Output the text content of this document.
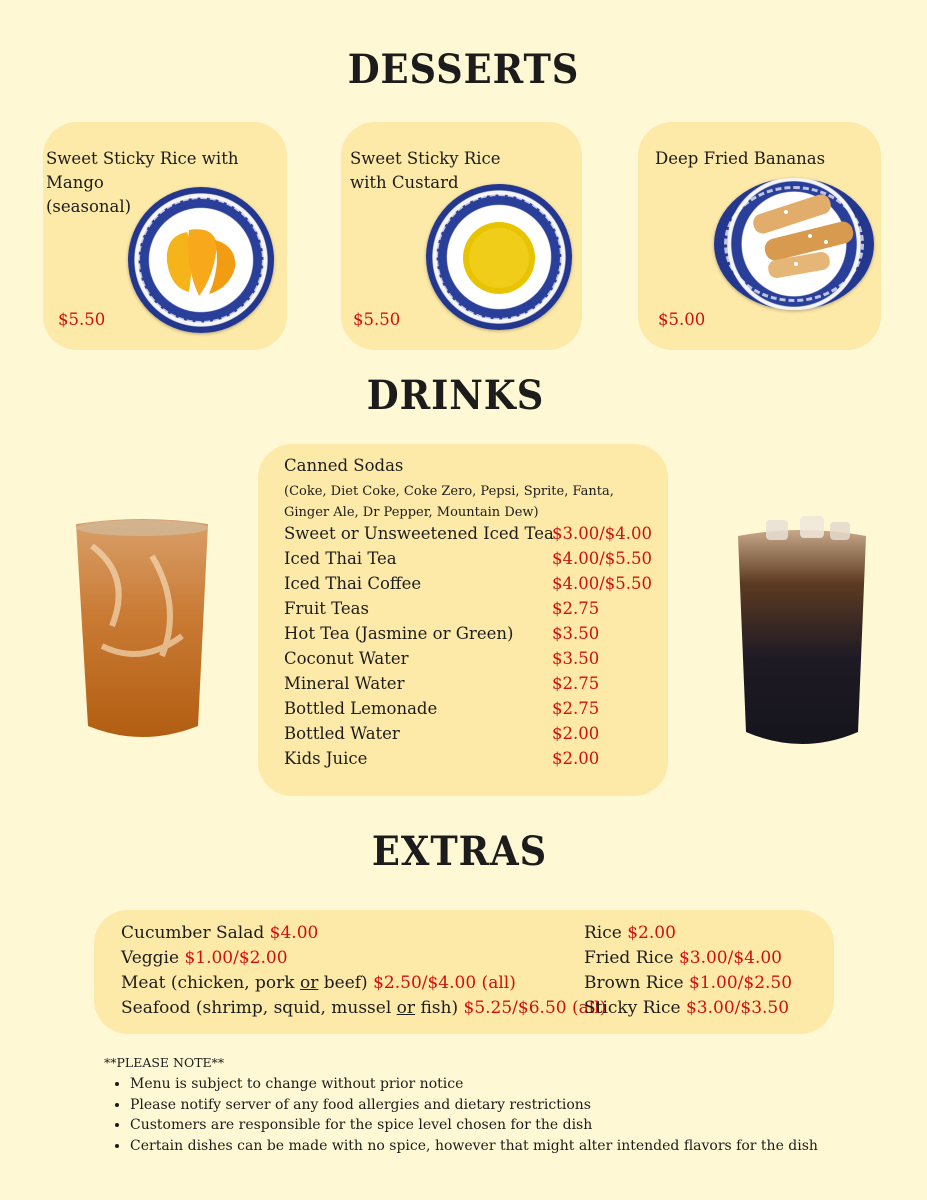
DESSERTS
Sweet Sticky Rice with Mango
(seasonal)
$5.50
Sweet Sticky Rice
with Custard
$5.50
Deep Fried Bananas
$5.00
DRINKS
Canned Sodas
(Coke, Diet Coke, Coke Zero, Pepsi, Sprite, Fanta,
Ginger Ale, Dr Pepper, Mountain Dew)
Sweet or Unsweetened Iced Tea
$3.00/$4.00
Iced Thai Tea	$4.00/$5.50
Iced Thai Coffee	$4.00/$5.50
Fruit Teas	$2.75
Hot Tea (Jasmine or Green) $3.50
Coconut Water	$3.50
Mineral Water	$2.75
Bottled Lemonade	$2.75
Bottled Water	$2.00
Kids Juice	$2.00
EXTRAS
Cucumber Salad $4.00
Veggie $1.00/$2.00
Meat (chicken, pork or beef) $2.50/$4.00 (all)
Seafood (shrimp, squid, mussel or fish) $5.25/$6.50 (all)
Rice $2.00
Fried Rice $3.00/$4.00
Brown Rice $1.00/$2.50
Sticky Rice $3.00/$3.50
**PLEASE NOTE**
• Menu is subject to change without prior notice
• Please notify server of any food allergies and dietary restrictions
• Customers are responsible for the spice level chosen for the dish
• Certain dishes can be made with no spice, however that might alter intended flavors for the dish
